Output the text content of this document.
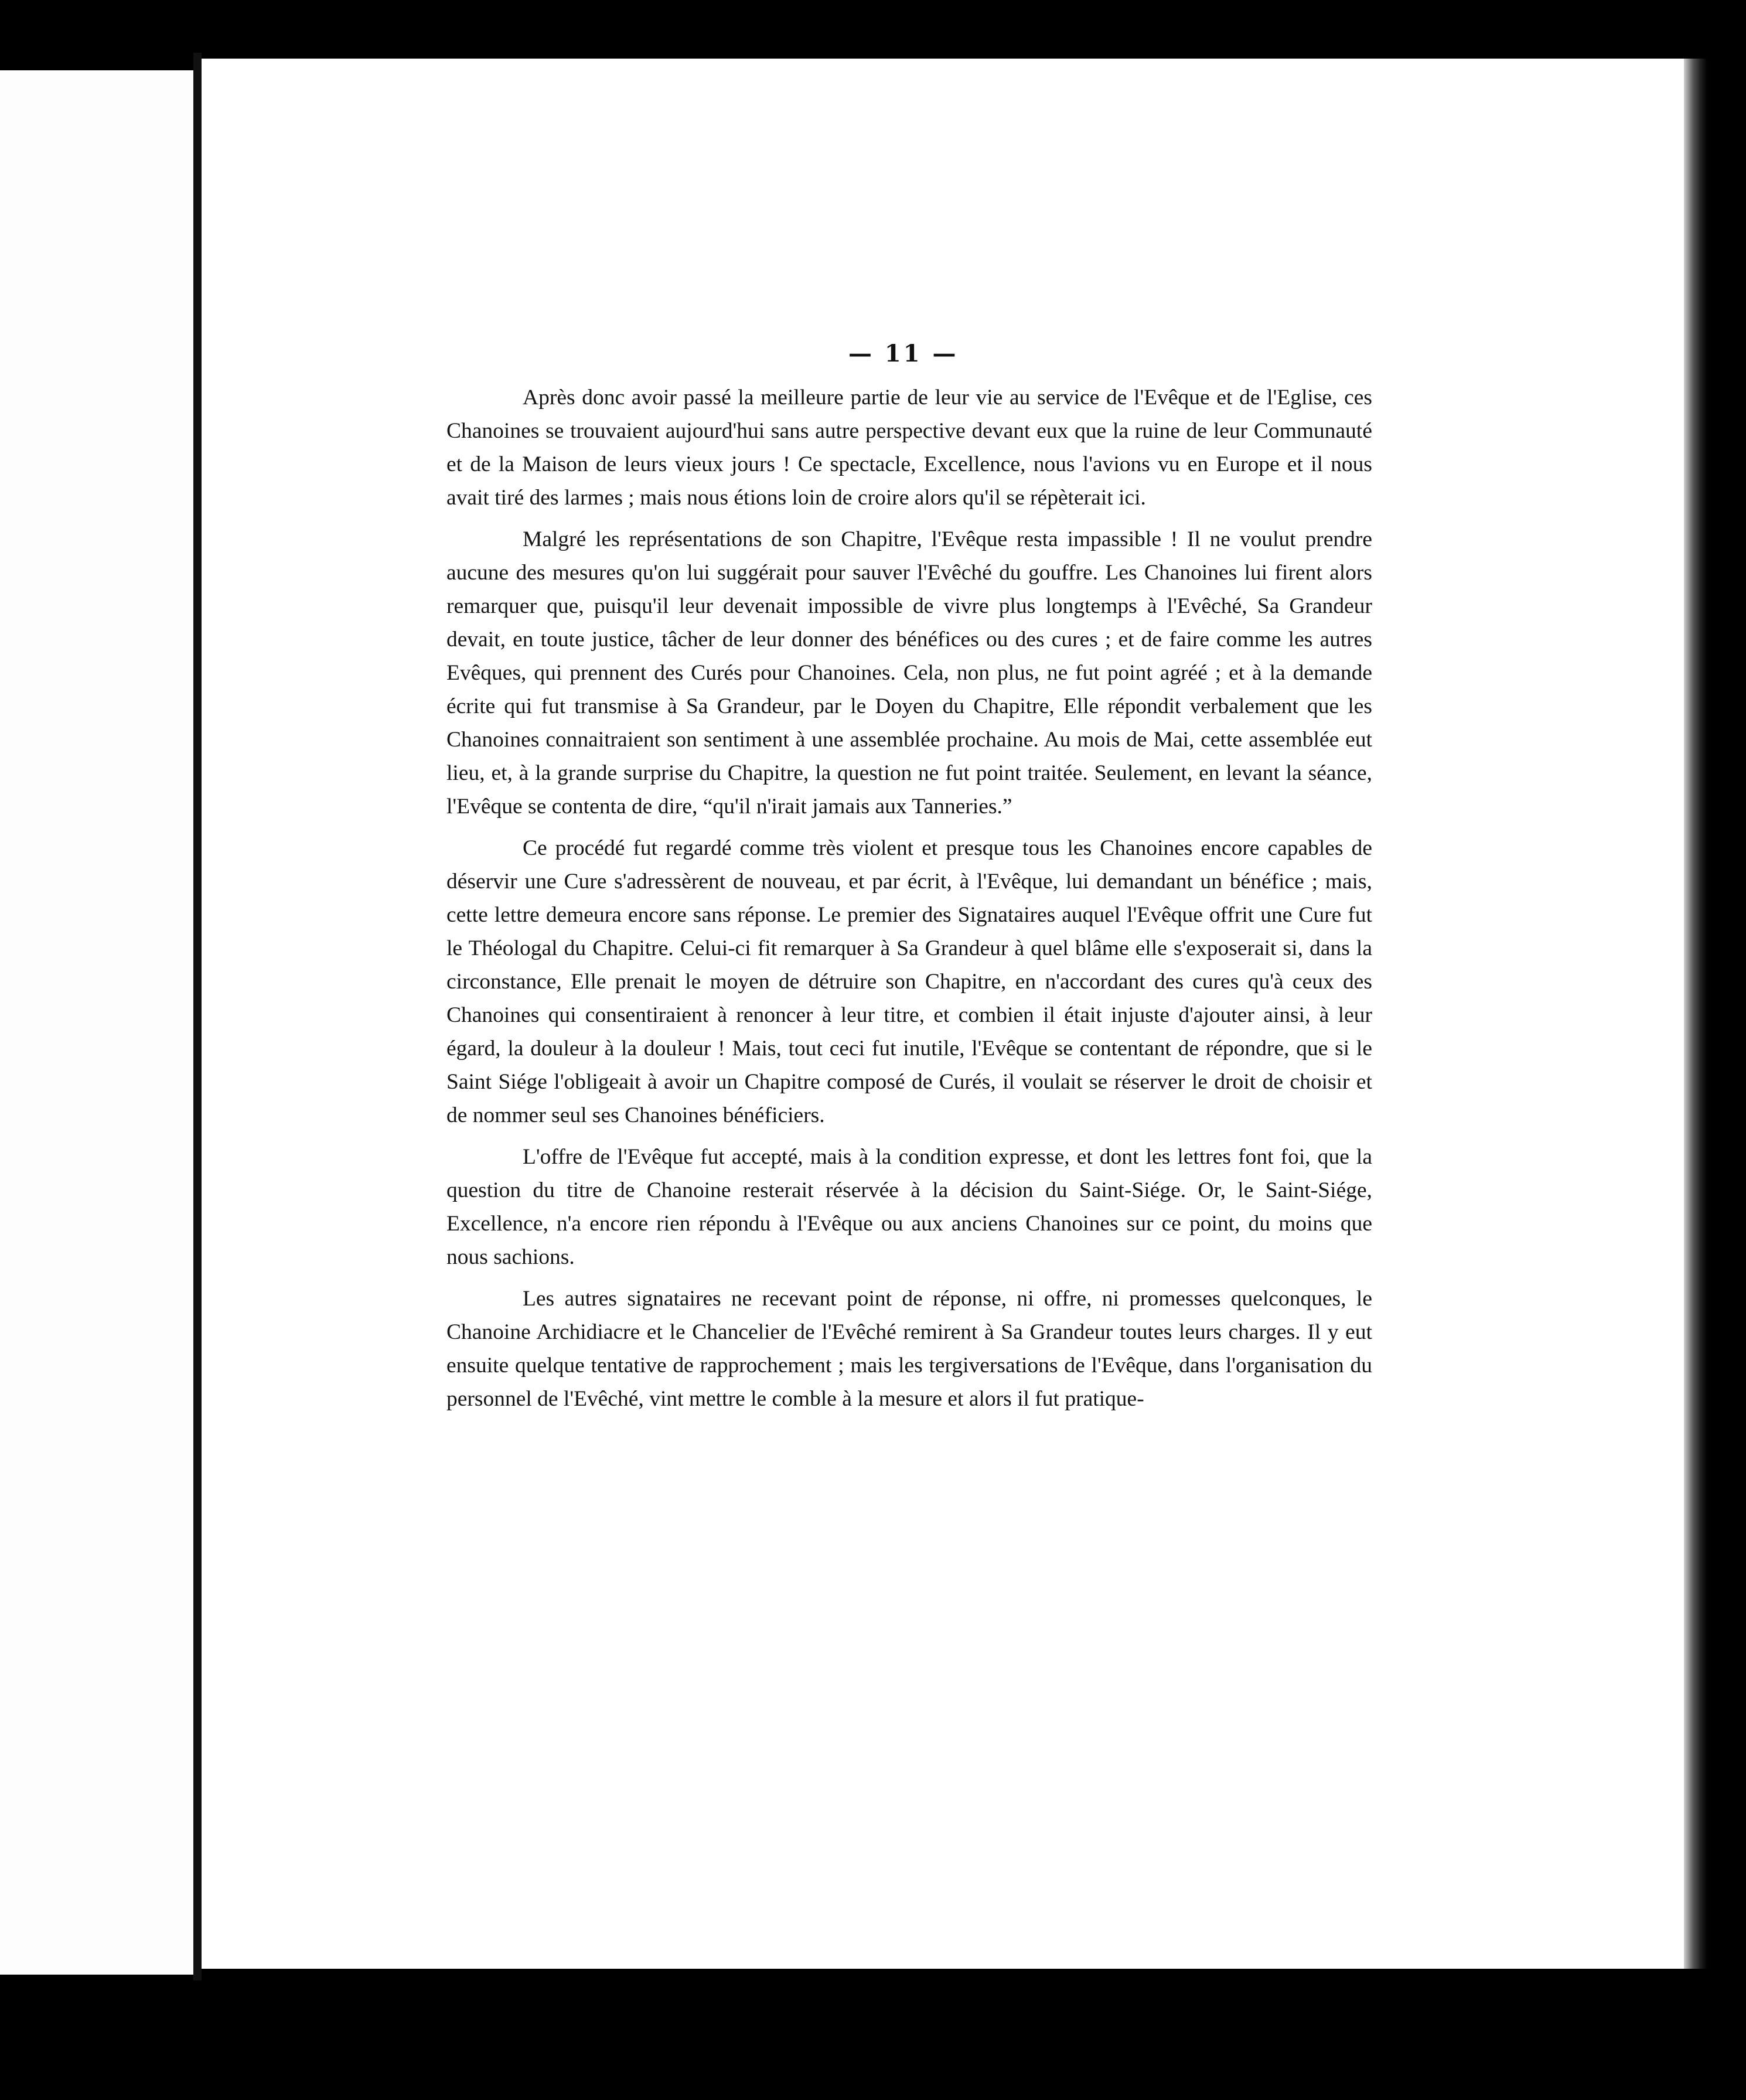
— 11 —

Après donc avoir passé la meilleure partie de leur vie au service de l'Evêque et de l'Eglise, ces Chanoines se trouvaient aujourd'hui sans autre perspective devant eux que la ruine de leur Communauté et de la Maison de leurs vieux jours ! Ce spectacle, Excellence, nous l'avions vu en Europe et il nous avait tiré des larmes ; mais nous étions loin de croire alors qu'il se répèterait ici.

Malgré les représentations de son Chapitre, l'Evêque resta impassible ! Il ne voulut prendre aucune des mesures qu'on lui suggérait pour sauver l'Evêché du gouffre. Les Chanoines lui firent alors remarquer que, puisqu'il leur devenait impossible de vivre plus longtemps à l'Evêché, Sa Grandeur devait, en toute justice, tâcher de leur donner des bénéfices ou des cures ; et de faire comme les autres Evêques, qui prennent des Curés pour Chanoines. Cela, non plus, ne fut point agréé ; et à la demande écrite qui fut transmise à Sa Grandeur, par le Doyen du Chapitre, Elle répondit verbalement que les Chanoines connaitraient son sentiment à une assemblée prochaine. Au mois de Mai, cette assemblée eut lieu, et, à la grande surprise du Chapitre, la question ne fut point traitée. Seulement, en levant la séance, l'Evêque se contenta de dire, “qu'il n'irait jamais aux Tanneries.”

Ce procédé fut regardé comme très violent et presque tous les Chanoines encore capables de déservir une Cure s'adressèrent de nouveau, et par écrit, à l'Evêque, lui demandant un bénéfice ; mais, cette lettre demeura encore sans réponse. Le premier des Signataires auquel l'Evêque offrit une Cure fut le Théologal du Chapitre. Celui-ci fit remarquer à Sa Grandeur à quel blâme elle s'exposerait si, dans la circonstance, Elle prenait le moyen de détruire son Chapitre, en n'accordant des cures qu'à ceux des Chanoines qui consentiraient à renoncer à leur titre, et combien il était injuste d'ajouter ainsi, à leur égard, la douleur à la douleur ! Mais, tout ceci fut inutile, l'Evêque se contentant de répondre, que si le Saint Siége l'obligeait à avoir un Chapitre composé de Curés, il voulait se réserver le droit de choisir et de nommer seul ses Chanoines bénéficiers.

L'offre de l'Evêque fut accepté, mais à la condition expresse, et dont les lettres font foi, que la question du titre de Chanoine resterait réservée à la décision du Saint-Siége. Or, le Saint-Siége, Excellence, n'a encore rien répondu à l'Evêque ou aux anciens Chanoines sur ce point, du moins que nous sachions.

Les autres signataires ne recevant point de réponse, ni offre, ni promesses quelconques, le Chanoine Archidiacre et le Chancelier de l'Evêché remirent à Sa Grandeur toutes leurs charges. Il y eut ensuite quelque tentative de rapprochement ; mais les tergiversations de l'Evêque, dans l'organisation du personnel de l'Evêché, vint mettre le comble à la mesure et alors il fut pratique-
